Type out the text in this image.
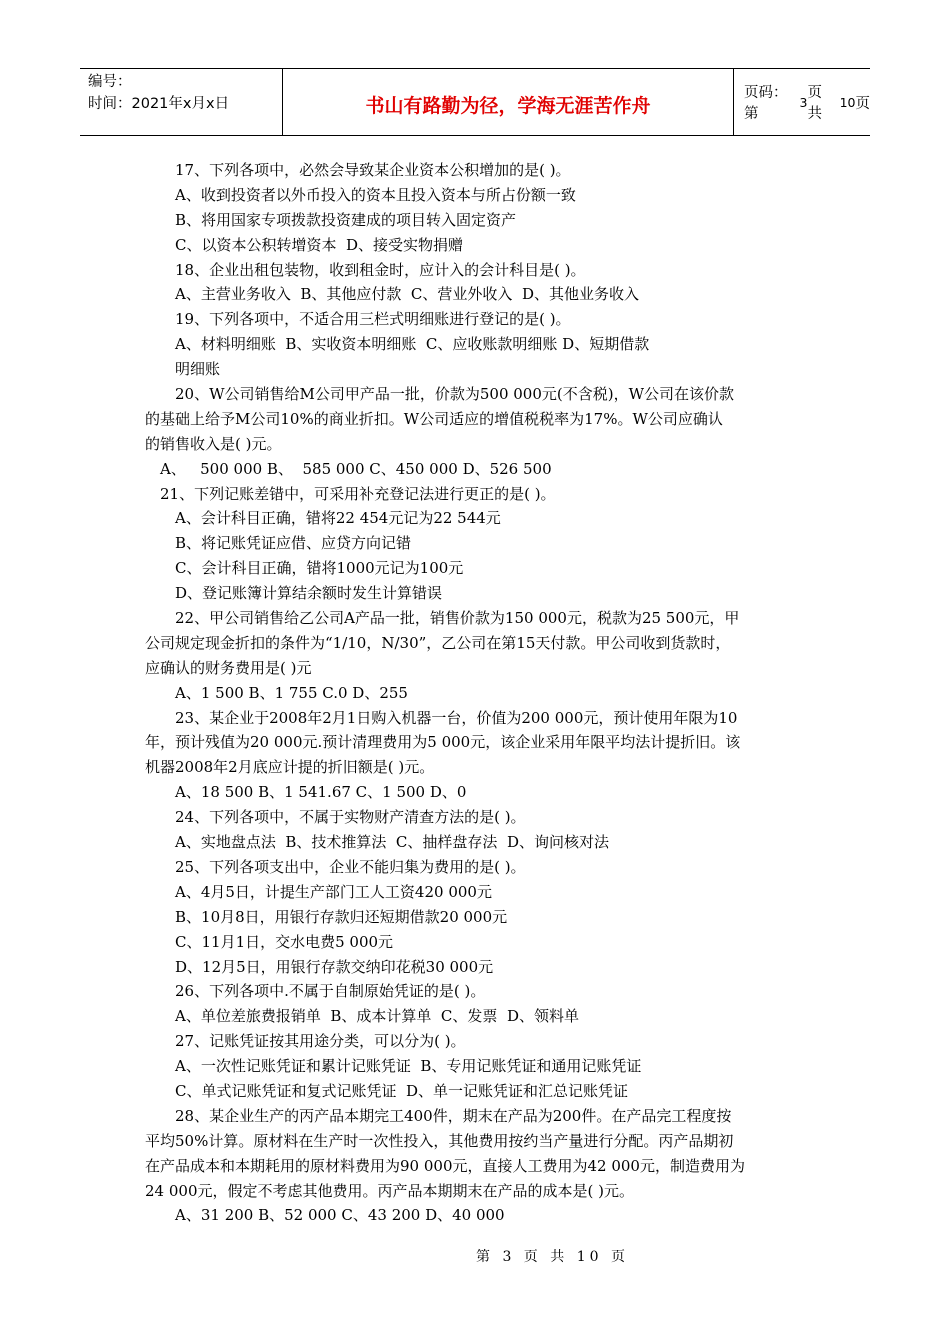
编号：
时间：2021年x月x日	书山有路勤为径，学海无涯苦作舟
页码：第
3
页 共
10 页
17、下列各项中，必然会导致某企业资本公积增加的是( )。
A、收到投资者以外币投入的资本且投入资本与所占份额一致
B、将用国家专项拨款投资建成的项目转入固定资产
C、以资本公积转增资本  D、接受实物捐赠
18、企业出租包装物，收到租金时，应计入的会计科目是( )。
A、主营业务收入  B、其他应付款  C、营业外收入  D、其他业务收入
19、下列各项中，不适合用三栏式明细账进行登记的是( )。
A、材料明细账  B、实收资本明细账  C、应收账款明细账 D、短期借款
明细账
20、W公司销售给M公司甲产品一批，价款为500 000元(不含税)，W公司在该价款
的基础上给予M公司10%的商业折扣。W公司适应的增值税税率为17%。W公司应确认
的销售收入是( )元。
A、   500 000 B、  585 000 C、450 000 D、526 500
21、下列记账差错中，可采用补充登记法进行更正的是( )。
A、会计科目正确，错将22 454元记为22 544元
B、将记账凭证应借、应贷方向记错
C、会计科目正确，错将1000元记为100元
D、登记账簿计算结余额时发生计算错误
22、甲公司销售给乙公司A产品一批，销售价款为150 000元，税款为25 500元，甲
公司规定现金折扣的条件为“1/10，N/30”，乙公司在第15天付款。甲公司收到货款时，
应确认的财务费用是( )元
A、1 500 B、1 755 C.0 D、255
23、某企业于2008年2月1日购入机器一台，价值为200 000元，预计使用年限为10
年，预计残值为20 000元.预计清理费用为5 000元，该企业采用年限平均法计提折旧。该
机器2008年2月底应计提的折旧额是( )元。
A、18 500 B、1 541.67 C、1 500 D、0
24、下列各项中，不属于实物财产清查方法的是( )。
A、实地盘点法  B、技术推算法  C、抽样盘存法  D、询问核对法
25、下列各项支出中，企业不能归集为费用的是( )。
A、4月5日，计提生产部门工人工资420 000元
B、10月8日，用银行存款归还短期借款20 000元
C、11月1日，交水电费5 000元
D、12月5日，用银行存款交纳印花税30 000元
26、下列各项中.不属于自制原始凭证的是( )。
A、单位差旅费报销单  B、成本计算单  C、发票  D、领料单
27、记账凭证按其用途分类，可以分为( )。
A、一次性记账凭证和累计记账凭证  B、专用记账凭证和通用记账凭证
C、单式记账凭证和复式记账凭证  D、单一记账凭证和汇总记账凭证
28、某企业生产的丙产品本期完工400件，期末在产品为200件。在产品完工程度按
平均50%计算。原材料在生产时一次性投入，其他费用按约当产量进行分配。丙产品期初
在产品成本和本期耗用的原材料费用为90 000元，直接人工费用为42 000元，制造费用为
24 000元，假定不考虑其他费用。丙产品本期期末在产品的成本是( )元。
A、31 200 B、52 000 C、43 200 D、40 000
第 3 页 共 10 页
